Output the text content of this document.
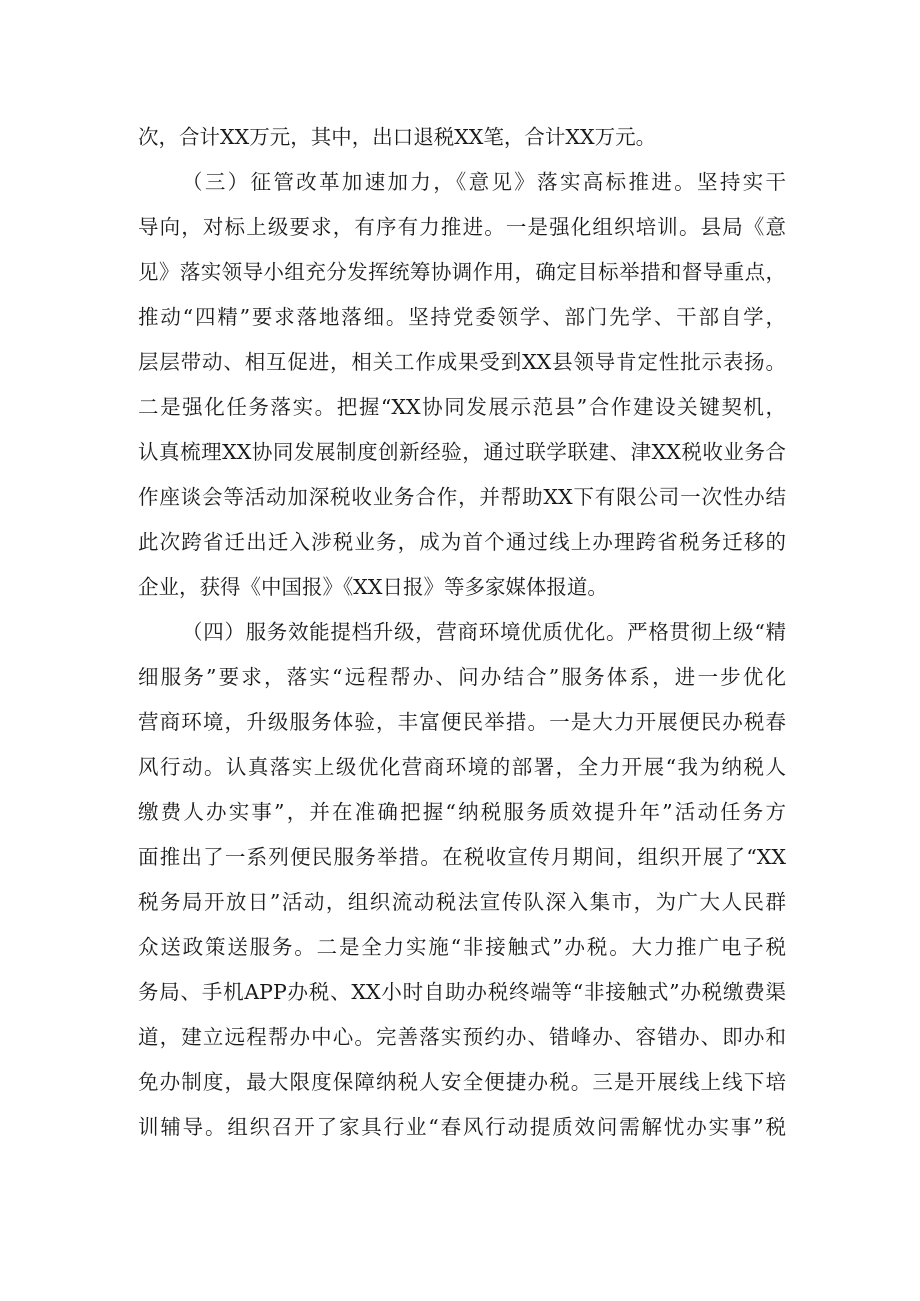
次，合计XX万元，其中，出口退税XX笔，合计XX万元。
（三）征管改革加速加力，《意见》落实高标推进。坚持实干
导向，对标上级要求，有序有力推进。一是强化组织培训。县局《意
见》落实领导小组充分发挥统筹协调作用，确定目标举措和督导重点，
推动“四精”要求落地落细。坚持党委领学、部门先学、干部自学，
层层带动、相互促进，相关工作成果受到XX县领导肯定性批示表扬。
二是强化任务落实。把握“XX协同发展示范县”合作建设关键契机，
认真梳理XX协同发展制度创新经验，通过联学联建、津XX税收业务合
作座谈会等活动加深税收业务合作，并帮助XX下有限公司一次性办结
此次跨省迁出迁入涉税业务，成为首个通过线上办理跨省税务迁移的
企业，获得《中国报》《XX日报》等多家媒体报道。
（四）服务效能提档升级，营商环境优质优化。严格贯彻上级“精
细服务”要求，落实“远程帮办、问办结合”服务体系，进一步优化
营商环境，升级服务体验，丰富便民举措。一是大力开展便民办税春
风行动。认真落实上级优化营商环境的部署，全力开展“我为纳税人
缴费人办实事”，并在准确把握“纳税服务质效提升年”活动任务方
面推出了一系列便民服务举措。在税收宣传月期间，组织开展了“XX
税务局开放日”活动，组织流动税法宣传队深入集市，为广大人民群
众送政策送服务。二是全力实施“非接触式”办税。大力推广电子税
务局、手机APP办税、XX小时自助办税终端等“非接触式”办税缴费渠
道，建立远程帮办中心。完善落实预约办、错峰办、容错办、即办和
免办制度，最大限度保障纳税人安全便捷办税。三是开展线上线下培
训辅导。组织召开了家具行业“春风行动提质效问需解忧办实事”税
